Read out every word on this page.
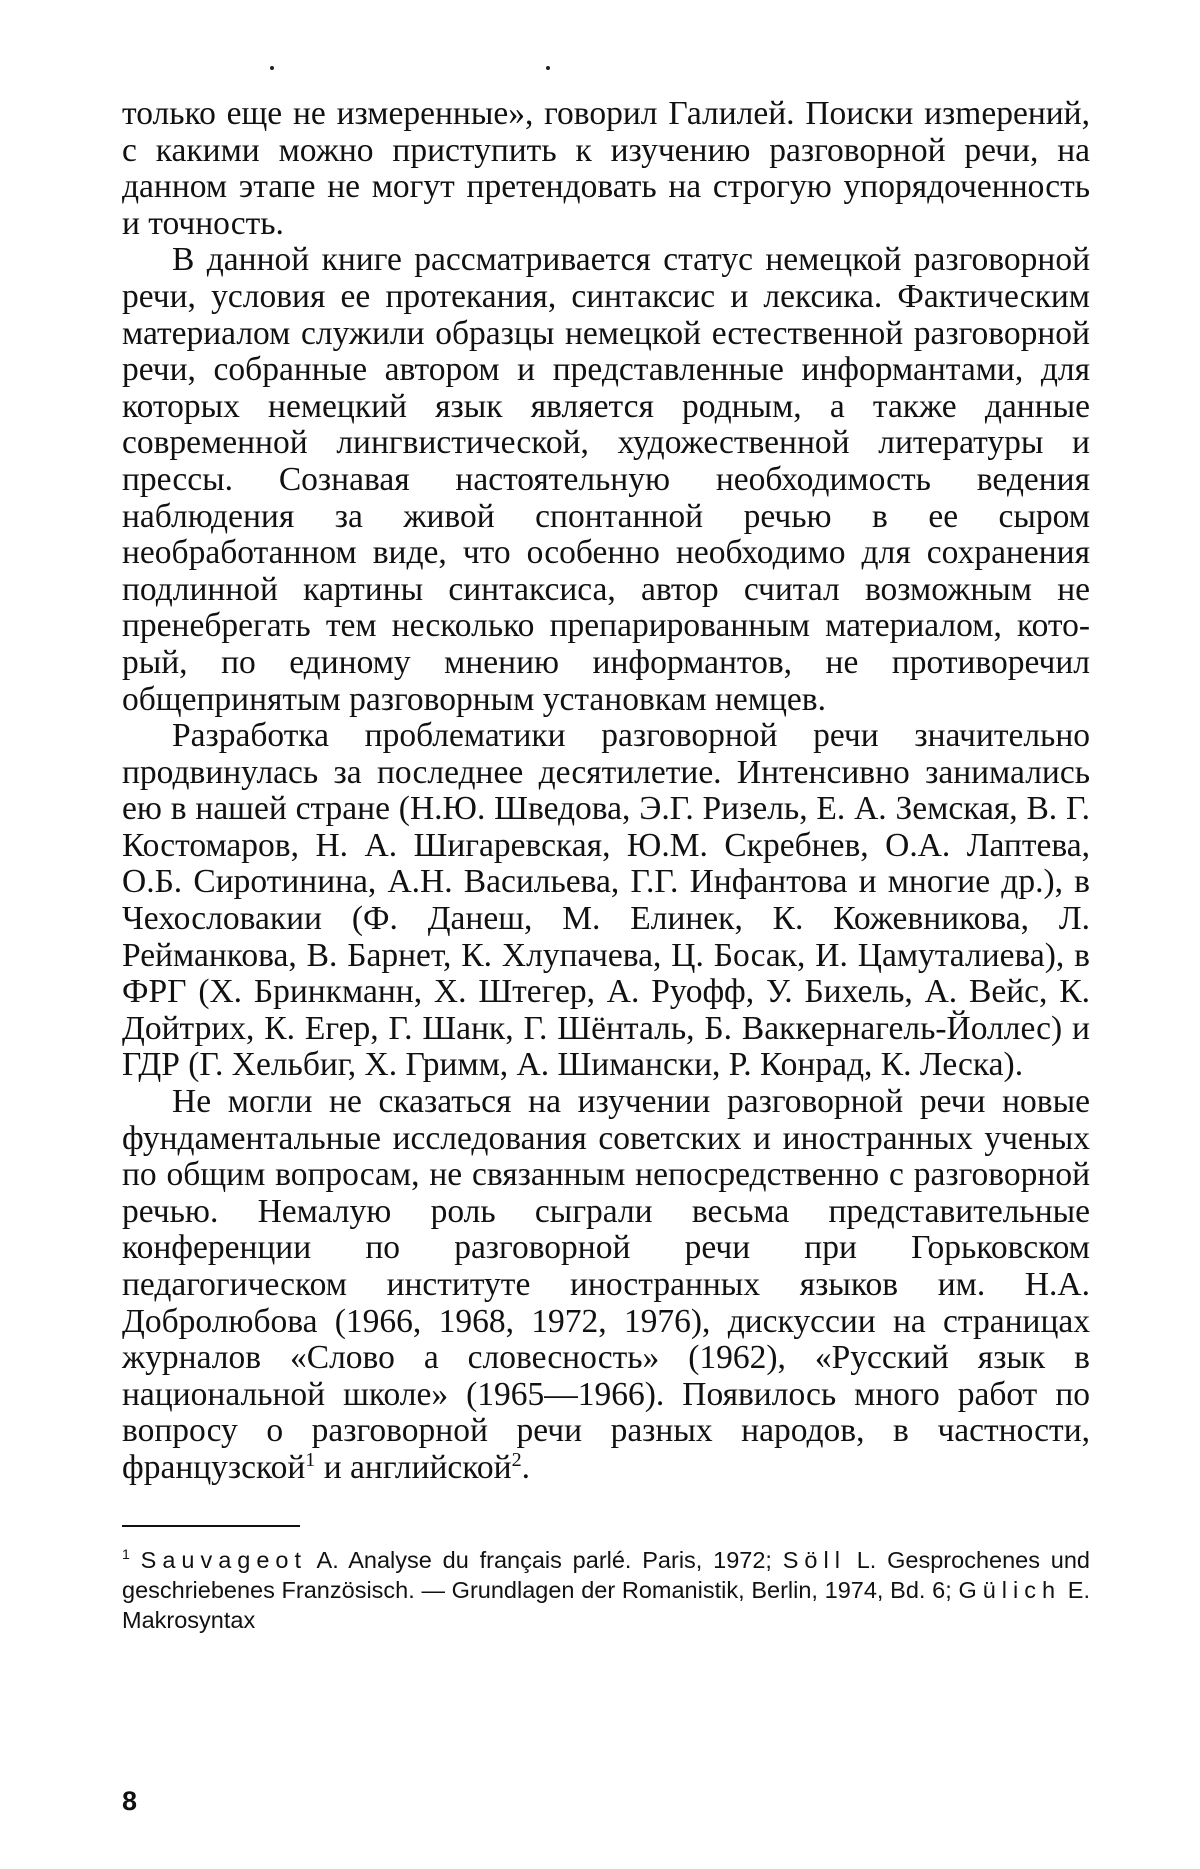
только еще не измеренные», говорил Галилей. Поиски изmерений, с какими можно приступить к изучению разговорной речи, на данном этапе не могут претендовать на строгую упорядоченность и точность.

В данной книге рассматривается статус немецкой разговорной речи, условия ее протекания, синтаксис и лексика. Фактическим материалом служили образцы немецкой естественной разговорной речи, собранные автором и представленные информантами, для которых немецкий язык является родным, а также данные современной лингвистической, художественной литературы и прессы. Сознавая настоятельную необходимость ведения наблюдения за живой спонтанной речью в ее сыром необработанном виде, что особенно необходимо для сохранения подлинной картины синтаксиса, автор считал возможным не пренебрегать тем несколько препарированным материалом, который, по единому мнению информантов, не противоречил общепринятым разговорным установкам немцев.

Разработка проблематики разговорной речи значительно продвинулась за последнее десятилетие. Интенсивно занимались ею в нашей стране (Н.Ю. Шведова, Э.Г. Ризель, Е. А. Земская, В. Г. Костомаров, Н. А. Шигаревская, Ю.М. Скребнев, О.А. Лаптева, О.Б. Сиротинина, А.Н. Васильева, Г.Г. Инфантова и многие др.), в Чехословакии (Ф. Данеш, М. Елинек, К. Кожевникова, Л. Рейманкова, В. Барнет, К. Хлупачева, Ц. Босак, И. Цамуталиева), в ФРГ (Х. Бринкманн, Х. Штегер, А. Руофф, У. Бихель, А. Вейс, К. Дойтрих, К. Егер, Г. Шанк, Г. Шёнталь, Б. Ваккернагель-Йоллес) и ГДР (Г. Хельбиг, Х. Гримм, А. Шимански, Р. Конрад, К. Леска).

Не могли не сказаться на изучении разговорной речи новые фундаментальные исследования советских и иностранных ученых по общим вопросам, не связанным непосредственно с разговорной речью. Немалую роль сыграли весьма представительные конференции по разговорной речи при Горьковском педагогическом институте иностранных языков им. Н.А. Добролюбова (1966, 1968, 1972, 1976), дискуссии на страницах журналов «Слово а словесность» (1962), «Русский язык в национальной школе» (1965—1966). Появилось много работ по вопросу о разговорной речи разных народов, в частности, французской$^1$ и английской$^2$.

$^1$ Sauvageot A. Analyse du français parlé. Paris, 1972; Söll L. Gesprochenes und geschriebenes Französisch. — Grundlagen der Romanistik, Berlin, 1974, Bd. 6; Gülich E. Makrosyntax

8
